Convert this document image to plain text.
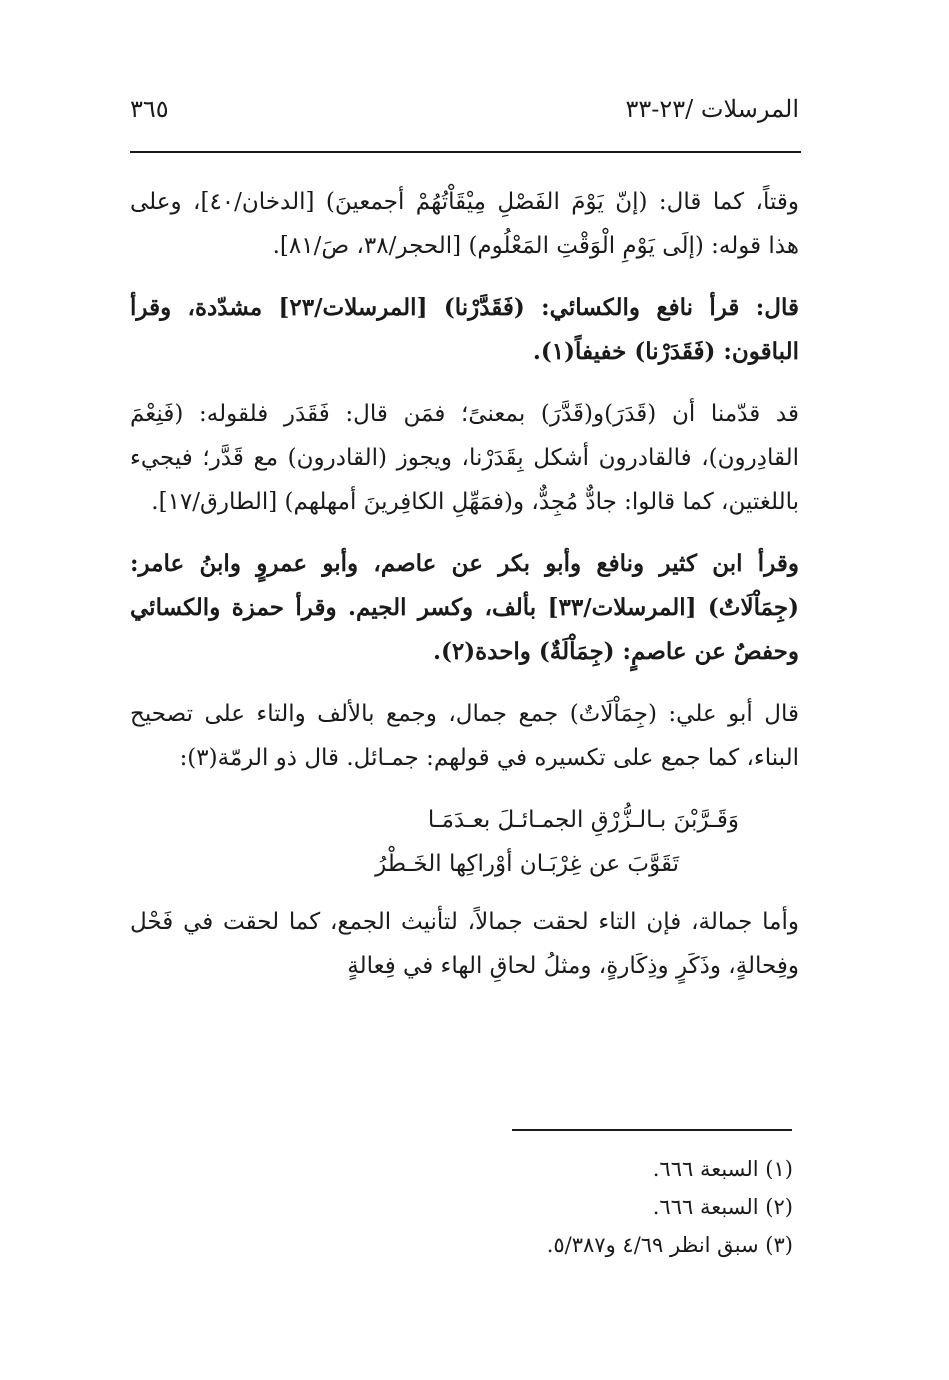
المرسلات /٢٣-٣٣
٣٦٥

وقتاً، كما قال: (إنّ يَوْمَ الفَصْلِ مِيْقَاْتُهُمْ أجمعينَ) [الدخان/٤٠]، وعلى هذا قوله: (إلَى يَوْمِ الْوَقْتِ المَعْلُوم) [الحجر/٣٨، صَ/٨١].

قال: قرأ نافع والكسائي: (فَقَدَّرْنا) [المرسلات/٢٣] مشدّدة، وقرأ الباقون: (فَقَدَرْنا) خفيفاً(١).

قد قدّمنا أن (قَدَرَ)و(قَدَّرَ) بمعنىً؛ فمَن قال: فَقَدَر فلقوله: (فَنِعْمَ القادِرون)، فالقادرون أشكل بِقَدَرْنا، ويجوز (القادرون) مع قَدَّر؛ فيجيء باللغتين، كما قالوا: جادٌّ مُجِدٌّ، و(فمَهِّلِ الكافِرينَ أمهلهم) [الطارق/١٧].

وقرأ ابن كثير ونافع وأبو بكر عن عاصم، وأبو عمروٍ وابنُ عامر: (جِمَاْلَاتٌ) [المرسلات/٣٣] بألف، وكسر الجيم. وقرأ حمزة والكسائي وحفصٌ عن عاصمٍ: (جِمَاْلَةٌ) واحدة(٢).

قال أبو علي: (جِمَاْلَاتٌ) جمع جمال، وجمع بالألف والتاء على تصحيح البناء، كما جمع على تكسيره في قولهم: جمـائل. قال ذو الرمّة(٣):

وَقَـرَّبْنَ بـالـزُّرْقِ الجمـائـلَ بعـدَمَـا
تَقَوَّبَ عن غِرْبَـان أوْراكِها الخَـطْرُ

وأما جمالة، فإن التاء لحقت جمالاً، لتأنيث الجمع، كما لحقت في فَحْل وفِحالةٍ، وذَكَرٍ وذِكَارةٍ، ومثلُ لحاقِ الهاء في فِعالةٍ

(١) السبعة ٦٦٦.

(٢) السبعة ٦٦٦.

(٣) سبق انظر ٤/٦٩ و٥/٣٨٧.
